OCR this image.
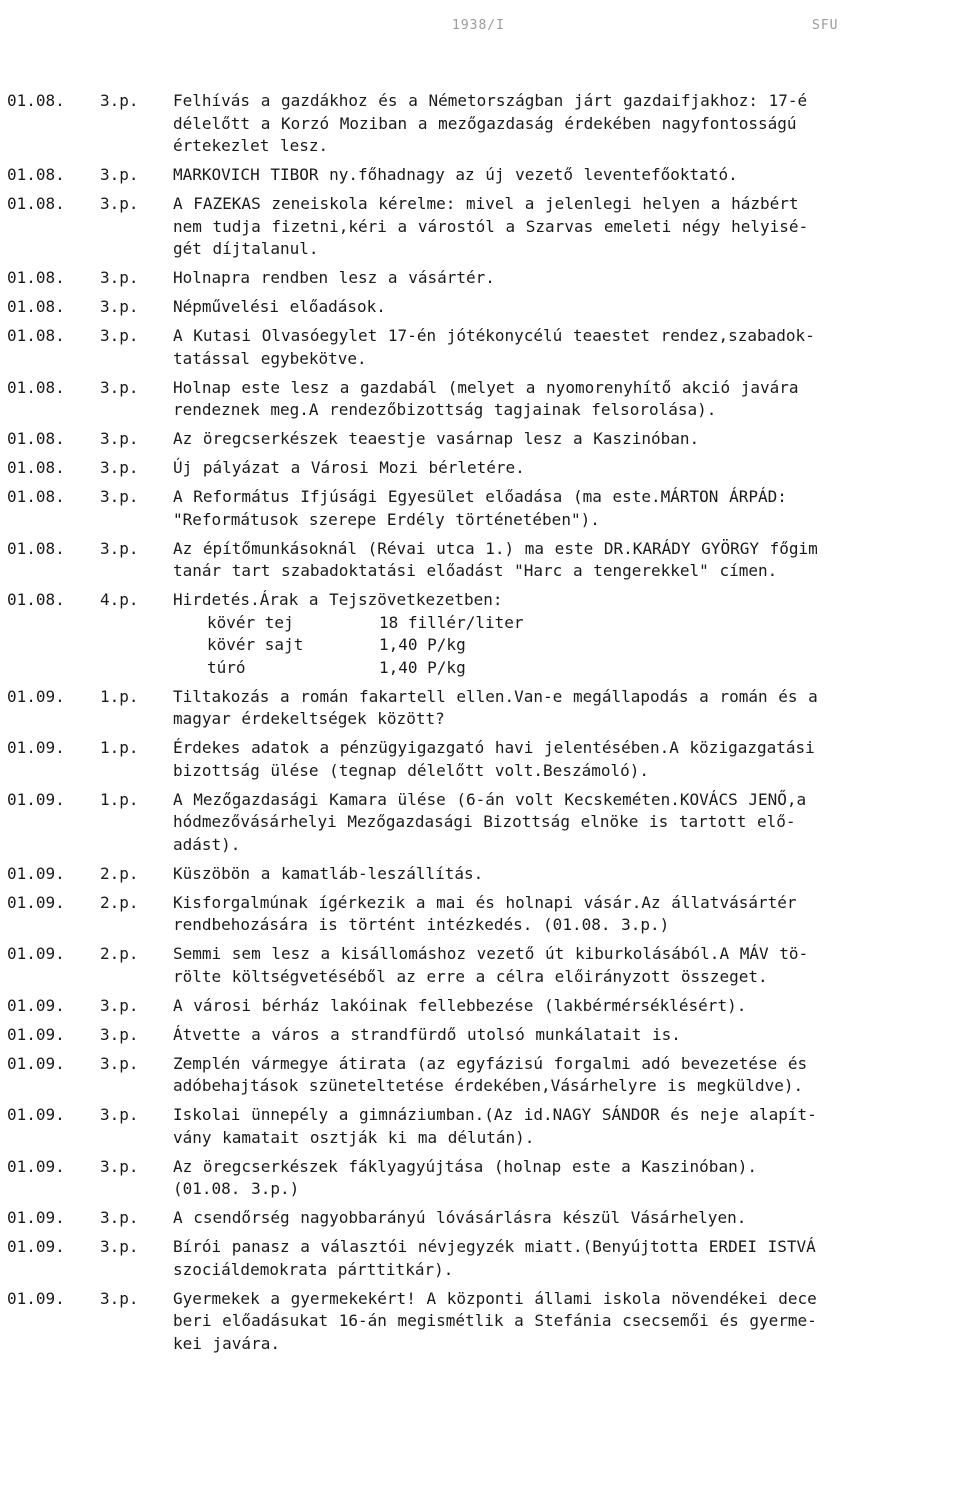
1938/I	SFU
01.08.	3.p.	Felhívás a gazdákhoz és a Németországban járt gazdaifjakhoz: 17-é
délelőtt a Korzó Moziban a mezőgazdaság érdekében nagyfontosságú
értekezlet lesz.
01.08.	3.p.	MARKOVICH TIBOR ny.főhadnagy az új vezető leventefőoktató.
01.08.	3.p.	A FAZEKAS zeneiskola kérelme: mivel a jelenlegi helyen a házbért
nem tudja fizetni,kéri a várostól a Szarvas emeleti négy helyisé-
gét díjtalanul.
01.08.	3.p.	Holnapra rendben lesz a vásártér.
01.08.	3.p.	Népművelési előadások.
01.08.	3.p.	A Kutasi Olvasóegylet 17-én jótékonycélú teaestet rendez,szabadok-
tatással egybekötve.
01.08.	3.p.	Holnap este lesz a gazdabál (melyet a nyomorenyhítő akció javára
rendeznek meg.A rendezőbizottság tagjainak felsorolása).
01.08.	3.p.	Az öregcserkészek teaestje vasárnap lesz a Kaszinóban.
01.08.	3.p.	Új pályázat a Városi Mozi bérletére.
01.08.	3.p.	A Református Ifjúsági Egyesület előadása (ma este.MÁRTON ÁRPÁD:
"Reformátusok szerepe Erdély történetében").
01.08.	3.p.	Az építőmunkásoknál (Révai utca 1.) ma este DR.KARÁDY GYÖRGY főgim
tanár tart szabadoktatási előadást "Harc a tengerekkel" címen.
01.08.	4.p.	Hirdetés.Árak a Tejszövetkezetben:
kövér tej	18 fillér/liter
kövér sajt	1,40 P/kg
túró	1,40 P/kg
01.09.	1.p.	Tiltakozás a román fakartell ellen.Van-e megállapodás a román és a
magyar érdekeltségek között?
01.09.	1.p.	Érdekes adatok a pénzügyigazgató havi jelentésében.A közigazgatási
bizottság ülése (tegnap délelőtt volt.Beszámoló).
01.09.	1.p.	A Mezőgazdasági Kamara ülése (6-án volt Kecskeméten.KOVÁCS JENŐ,a
hódmezővásárhelyi Mezőgazdasági Bizottság elnöke is tartott elő-
adást).
01.09.	2.p.	Küszöbön a kamatláb-leszállítás.
01.09.	2.p.	Kisforgalmúnak ígérkezik a mai és holnapi vásár.Az állatvásártér
rendbehozására is történt intézkedés. (01.08. 3.p.)
01.09.	2.p.	Semmi sem lesz a kisállomáshoz vezető út kiburkolásából.A MÁV tö-
rölte költségvetéséből az erre a célra előirányzott összeget.
01.09.	3.p.	A városi bérház lakóinak fellebbezése (lakbérmérséklésért).
01.09.	3.p.	Átvette a város a strandfürdő utolsó munkálatait is.
01.09.	3.p.	Zemplén vármegye átirata (az egyfázisú forgalmi adó bevezetése és
adóbehajtások szüneteltetése érdekében,Vásárhelyre is megküldve).
01.09.	3.p.	Iskolai ünnepély a gimnáziumban.(Az id.NAGY SÁNDOR és neje alapít-
vány kamatait osztják ki ma délután).
01.09.	3.p.	Az öregcserkészek fáklyagyújtása (holnap este a Kaszinóban).
(01.08. 3.p.)
01.09.	3.p.	A csendőrség nagyobbarányú lóvásárlásra készül Vásárhelyen.
01.09.	3.p.	Bírói panasz a választói névjegyzék miatt.(Benyújtotta ERDEI ISTVÁ
szociáldemokrata párttitkár).
01.09.	3.p.	Gyermekek a gyermekekért! A központi állami iskola növendékei dece
beri előadásukat 16-án megismétlik a Stefánia csecsemői és gyerme-
kei javára.
